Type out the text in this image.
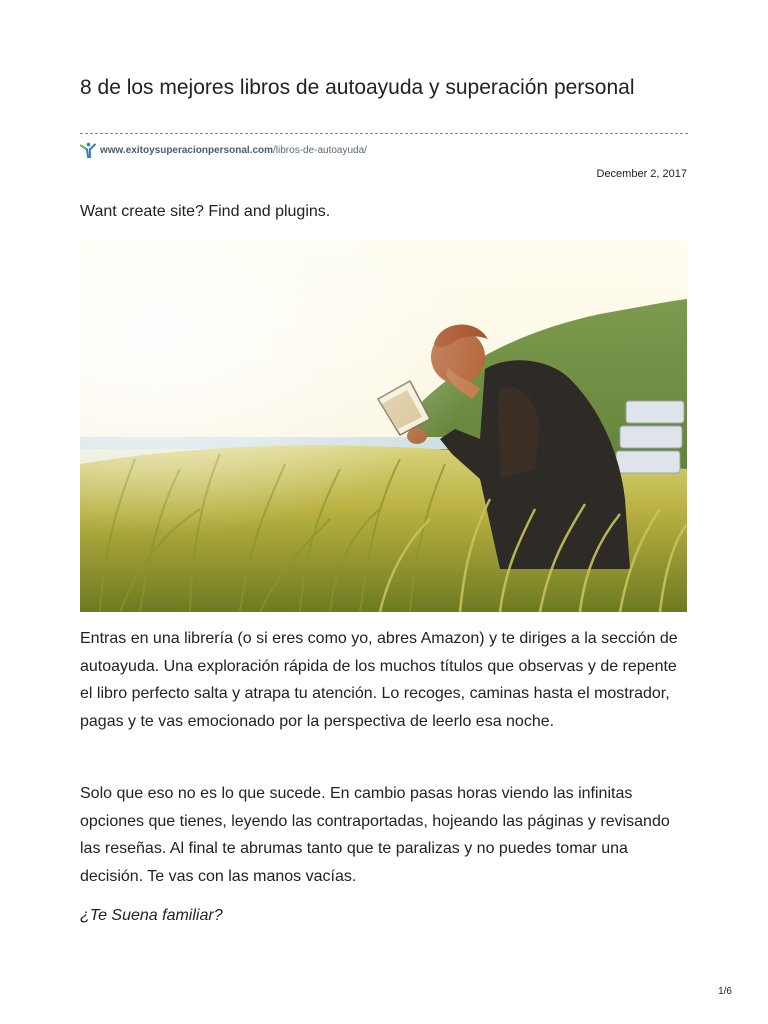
8 de los mejores libros de autoayuda y superación personal
www.exitoysuperacionpersonal.com /libros-de-autoayuda/
December 2, 2017
Want create site? Find and plugins.

Entras en una librería (o si eres como yo, abres Amazon) y te diriges a la sección de autoayuda. Una exploración rápida de los muchos títulos que observas y de repente el libro perfecto salta y atrapa tu atención. Lo recoges, caminas hasta el mostrador, pagas y te vas emocionado por la perspectiva de leerlo esa noche.

Solo que eso no es lo que sucede. En cambio pasas horas viendo las infinitas opciones que tienes, leyendo las contraportadas, hojeando las páginas y revisando las reseñas. Al final te abrumas tanto que te paralizas y no puedes tomar una decisión. Te vas con las manos vacías.

¿Te Suena familiar?
1/6
